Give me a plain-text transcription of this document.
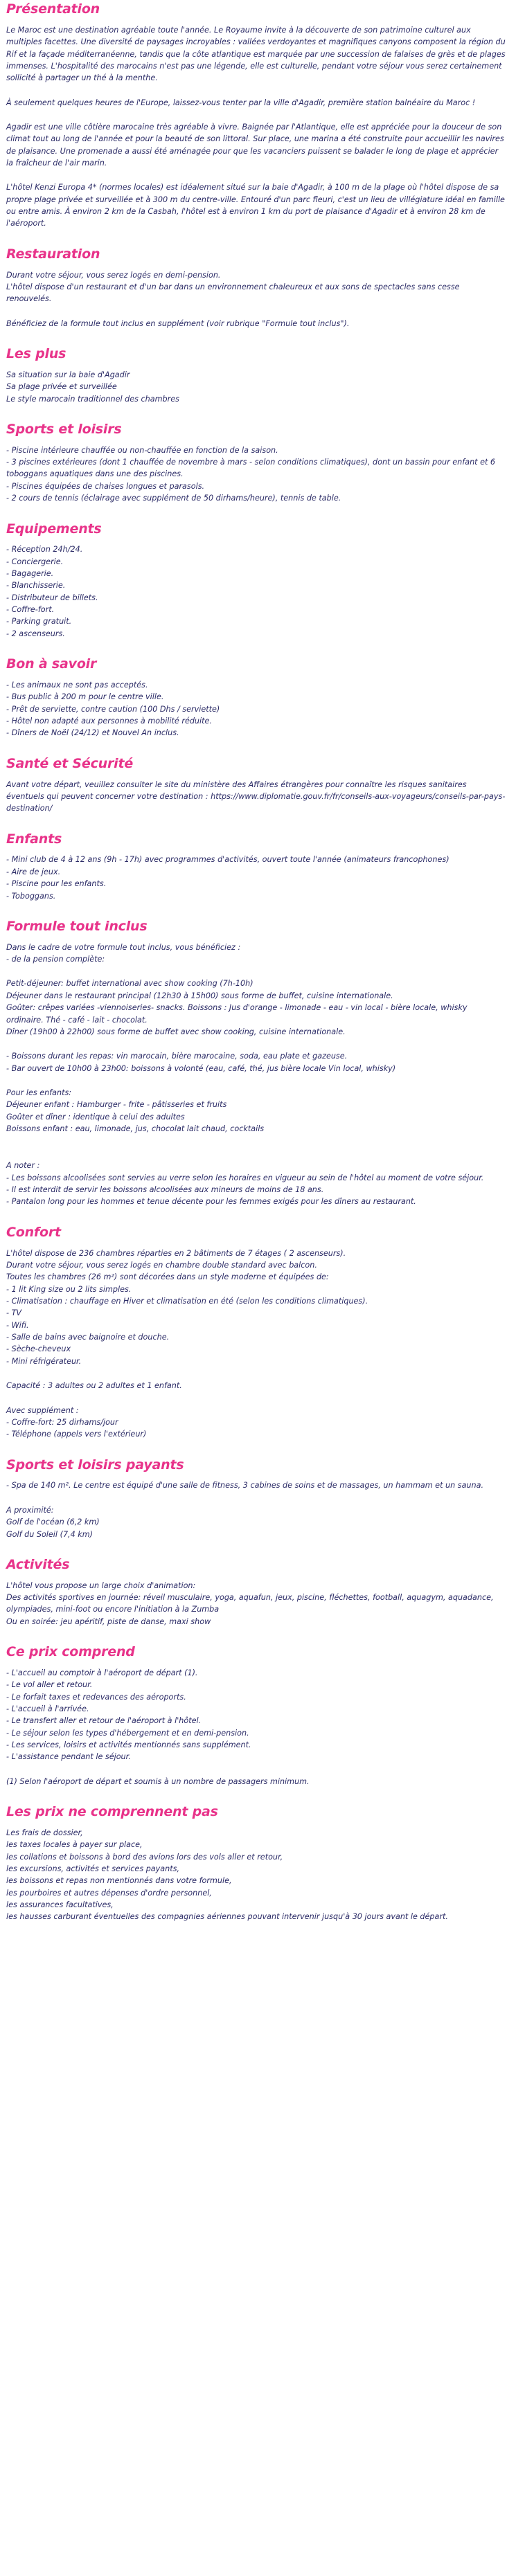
Présentation

Le Maroc est une destination agréable toute l'année. Le Royaume invite à la découverte de son patrimoine culturel aux multiples facettes. Une diversité de paysages incroyables : vallées verdoyantes et magnifiques canyons composent la région du Rif et la façade méditerranéenne, tandis que la côte atlantique est marquée par une succession de falaises de grès et de plages immenses. L'hospitalité des marocains n'est pas une légende, elle est culturelle, pendant votre séjour vous serez certainement sollicité à partager un thé à la menthe.

À seulement quelques heures de l'Europe, laissez-vous tenter par la ville d'Agadir, première station balnéaire du Maroc !

Agadir est une ville côtière marocaine très agréable à vivre. Baignée par l'Atlantique, elle est appréciée pour la douceur de son climat tout au long de l'année et pour la beauté de son littoral. Sur place, une marina a été construite pour accueillir les navires de plaisance. Une promenade a aussi été aménagée pour que les vacanciers puissent se balader le long de plage et apprécier la fraîcheur de l'air marin.

L'hôtel Kenzi Europa 4* (normes locales) est idéalement situé sur la baie d'Agadir, à 100 m de la plage où l'hôtel dispose de sa propre plage privée et surveillée et à 300 m du centre-ville. Entouré d'un parc fleuri, c'est un lieu de villégiature idéal en famille ou entre amis. À environ 2 km de la Casbah, l'hôtel est à environ 1 km du port de plaisance d'Agadir et à environ 28 km de l'aéroport.

Restauration

Durant votre séjour, vous serez logés en demi-pension.
L'hôtel dispose d'un restaurant et d'un bar dans un environnement chaleureux et aux sons de spectacles sans cesse renouvelés.

Bénéficiez de la formule tout inclus en supplément (voir rubrique "Formule tout inclus").

Les plus
Sa situation sur la baie d'Agadir
Sa plage privée et surveillée
Le style marocain traditionnel des chambres
Sports et loisirs
- Piscine intérieure chauffée ou non-chauffée en fonction de la saison.
- 3 piscines extérieures (dont 1 chauffée de novembre à mars - selon conditions climatiques), dont un bassin pour enfant et 6 toboggans aquatiques dans une des piscines.
- Piscines équipées de chaises longues et parasols.
- 2 cours de tennis (éclairage avec supplément de 50 dirhams/heure), tennis de table.
Equipements
- Réception 24h/24.
- Conciergerie.
- Bagagerie.
- Blanchisserie.
- Distributeur de billets.
- Coffre-fort.
- Parking gratuit.
- 2 ascenseurs.
Bon à savoir
- Les animaux ne sont pas acceptés.
- Bus public à 200 m pour le centre ville.
- Prêt de serviette, contre caution (100 Dhs / serviette)
- Hôtel non adapté aux personnes à mobilité réduite.
- Dîners de Noël (24/12) et Nouvel An inclus.
Santé et Sécurité

Avant votre départ, veuillez consulter le site du ministère des Affaires étrangères pour connaître les risques sanitaires éventuels qui peuvent concerner votre destination : https://www.diplomatie.gouv.fr/fr/conseils-aux-voyageurs/conseils-par-pays-destination/

Enfants
- Mini club de 4 à 12 ans (9h - 17h) avec programmes d'activités, ouvert toute l'année (animateurs francophones)
- Aire de jeux.
- Piscine pour les enfants.
- Toboggans.
Formule tout inclus

Dans le cadre de votre formule tout inclus, vous bénéficiez :
- de la pension complète:

Petit-déjeuner: buffet international avec show cooking (7h-10h)
Déjeuner dans le restaurant principal (12h30 à 15h00) sous forme de buffet, cuisine internationale.
Goûter: crêpes variées -viennoiseries- snacks. Boissons : Jus d'orange - limonade - eau - vin local - bière locale, whisky ordinaire. Thé - café - lait - chocolat.
Dîner (19h00 à 22h00) sous forme de buffet avec show cooking, cuisine internationale.

- Boissons durant les repas: vin marocain, bière marocaine, soda, eau plate et gazeuse.
- Bar ouvert de 10h00 à 23h00: boissons à volonté (eau, café, thé, jus bière locale Vin local, whisky)

Pour les enfants:
Déjeuner enfant : Hamburger - frite - pâtisseries et fruits
Goûter et dîner : identique à celui des adultes
Boissons enfant : eau, limonade, jus, chocolat lait chaud, cocktails

A noter :
- Les boissons alcoolisées sont servies au verre selon les horaires en vigueur au sein de l'hôtel au moment de votre séjour.
- Il est interdit de servir les boissons alcoolisées aux mineurs de moins de 18 ans.
- Pantalon long pour les hommes et tenue décente pour les femmes exigés pour les dîners au restaurant.

Confort

L'hôtel dispose de 236 chambres réparties en 2 bâtiments de 7 étages ( 2 ascenseurs).
Durant votre séjour, vous serez logés en chambre double standard avec balcon.
Toutes les chambres (26 m²) sont décorées dans un style moderne et équipées de:
- 1 lit King size ou 2 lits simples.
- Climatisation : chauffage en Hiver et climatisation en été (selon les conditions climatiques).
- TV
- Wifi.
- Salle de bains avec baignoire et douche.
- Sèche-cheveux
- Mini réfrigérateur.

Capacité : 3 adultes ou 2 adultes et 1 enfant.

Avec supplément :
- Coffre-fort: 25 dirhams/jour
- Téléphone (appels vers l'extérieur)

Sports et loisirs payants

- Spa de 140 m². Le centre est équipé d'une salle de fitness, 3 cabines de soins et de massages, un hammam et un sauna.

A proximité:
Golf de l'océan (6,2 km)
Golf du Soleil (7,4 km)

Activités
L'hôtel vous propose un large choix d'animation:
Des activités sportives en journée: réveil musculaire, yoga, aquafun, jeux, piscine, fléchettes, football, aquagym, aquadance, olympiades, mini-foot ou encore l'initiation à la Zumba
Ou en soirée: jeu apéritif, piste de danse, maxi show
Ce prix comprend

- L'accueil au comptoir à l'aéroport de départ (1).
- Le vol aller et retour.
- Le forfait taxes et redevances des aéroports.
- L'accueil à l'arrivée.
- Le transfert aller et retour de l'aéroport à l'hôtel.
- Le séjour selon les types d'hébergement et en demi-pension.
- Les services, loisirs et activités mentionnés sans supplément.
- L'assistance pendant le séjour.

(1) Selon l'aéroport de départ et soumis à un nombre de passagers minimum.

Les prix ne comprennent pas
Les frais de dossier,
les taxes locales à payer sur place,
les collations et boissons à bord des avions lors des vols aller et retour,
les excursions, activités et services payants,
les boissons et repas non mentionnés dans votre formule,
les pourboires et autres dépenses d'ordre personnel,
les assurances facultatives,
les hausses carburant éventuelles des compagnies aériennes pouvant intervenir jusqu'à 30 jours avant le départ.
